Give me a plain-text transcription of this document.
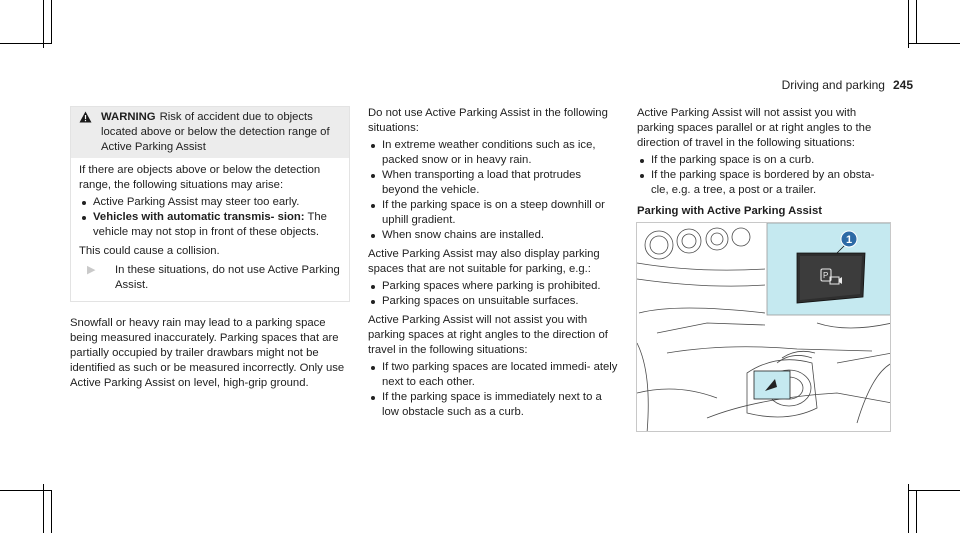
Driving and parking 245
WARNING Risk of accident due to objects located above or below the detection range of Active Parking Assist

If there are objects above or below the detection range, the following situations may arise:

Active Parking Assist may steer too early.
Vehicles with automatic transmis- sion: The vehicle may not stop in front of these objects.

This could cause a collision.

▶	In these situations, do not use Active Parking Assist.

Snowfall or heavy rain may lead to a parking space being measured inaccurately. Parking spaces that are partially occupied by trailer drawbars might not be identified as such or be measured incorrectly. Only use Active Parking Assist on level, high-grip ground.

Do not use Active Parking Assist in the following situations:

In extreme weather conditions such as ice, packed snow or in heavy rain.
When transporting a load that protrudes beyond the vehicle.
If the parking space is on a steep downhill or uphill gradient.
When snow chains are installed.

Active Parking Assist may also display parking spaces that are not suitable for parking, e.g.:

Parking spaces where parking is prohibited.
Parking spaces on unsuitable surfaces.

Active Parking Assist will not assist you with parking spaces at right angles to the direction of travel in the following situations:

If two parking spaces are located immedi- ately next to each other.
If the parking space is immediately next to a low obstacle such as a curb.

Active Parking Assist will not assist you with parking spaces parallel or at right angles to the direction of travel in the following situations:

If the parking space is on a curb.
If the parking space is bordered by an obsta- cle, e.g. a tree, a post or a trailer.

Parking with Active Parking Assist

P
1
